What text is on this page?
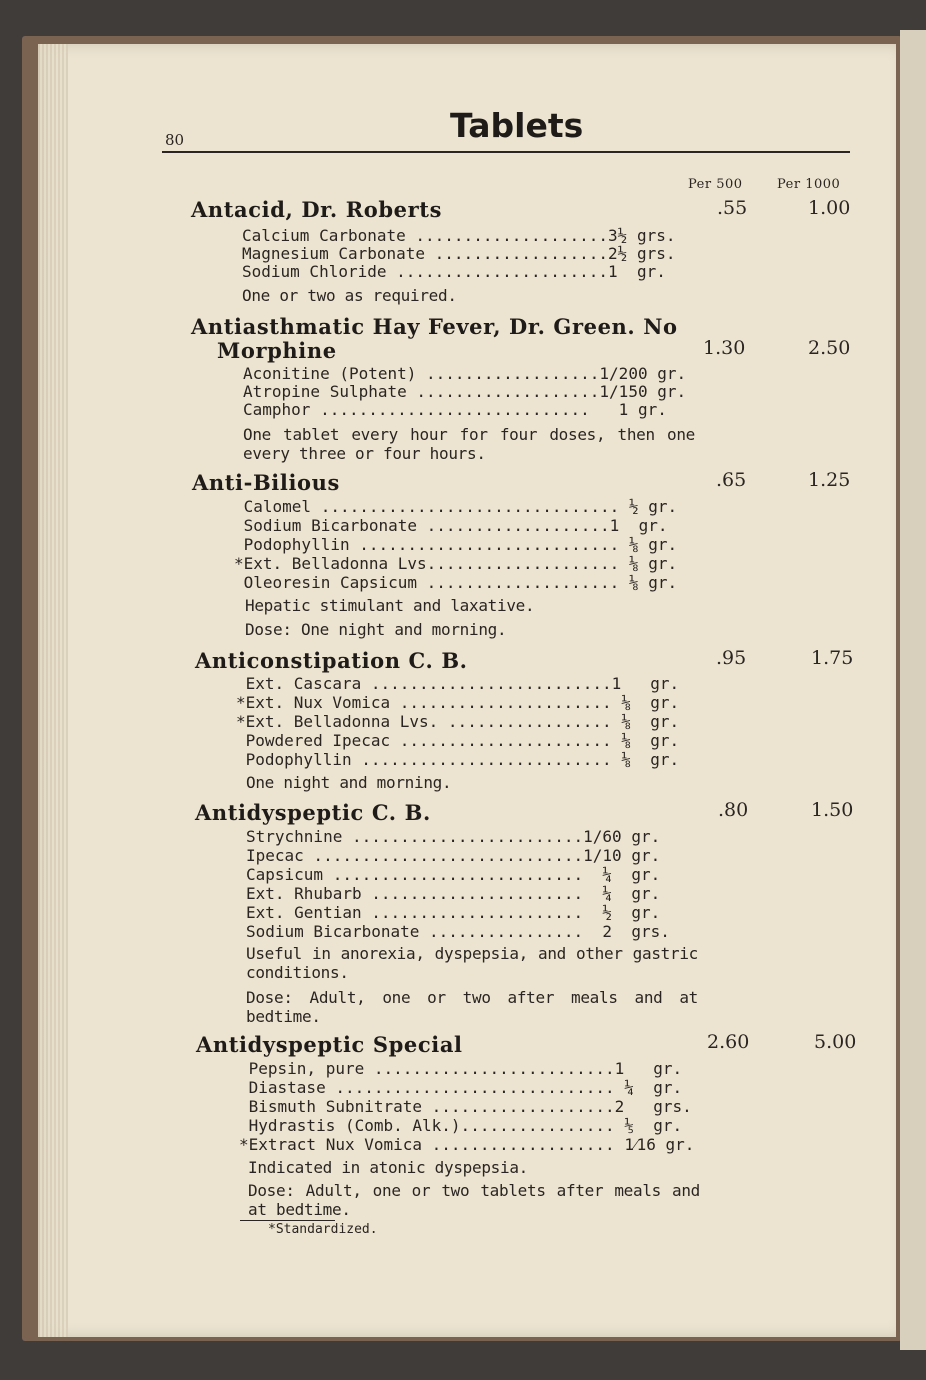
80	Tablets
Per 500	Per 1000
Antacid, Dr. Roberts	.55	1.00
Calcium Carbonate ....................3½ grs.
Magnesium Carbonate ..................2½ grs.
Sodium Chloride ......................1  gr.
One or two as required.
Antiasthmatic Hay Fever, Dr. Green. No
Morphine	1.30	2.50
Aconitine (Potent) ..................1/200 gr.
Atropine Sulphate ...................1/150 gr.
Camphor ............................   1 gr.
One tablet every hour for four doses, then one every three or four hours.
Anti-Bilious	.65	1.25
Calomel ............................... ½ gr.
Sodium Bicarbonate ...................1  gr.
Podophyllin ........................... ⅛ gr.
*Ext. Belladonna Lvs.................... ⅛ gr.
Oleoresin Capsicum .................... ⅛ gr.
Hepatic stimulant and laxative.
Dose: One night and morning.
Anticonstipation C. B.	.95	1.75
Ext. Cascara .........................1   gr.
*Ext. Nux Vomica ...................... ⅛  gr.
*Ext. Belladonna Lvs. ................. ⅛  gr.
Powdered Ipecac ...................... ⅛  gr.
Podophyllin .......................... ⅛  gr.
One night and morning.
Antidyspeptic C. B.	.80	1.50
Strychnine ........................1/60 gr.
Ipecac ............................1/10 gr.
Capsicum ..........................  ¼  gr.
Ext. Rhubarb ......................  ¼  gr.
Ext. Gentian ......................  ½  gr.
Sodium Bicarbonate ................  2  grs.
Useful in anorexia, dyspepsia, and other gastric conditions.
Dose: Adult, one or two after meals and at bedtime.
Antidyspeptic Special	2.60	5.00
Pepsin, pure .........................1   gr.
Diastase ............................. ¼  gr.
Bismuth Subnitrate ...................2   grs.
Hydrastis (Comb. Alk.)................ ⅕  gr.
*Extract Nux Vomica ................... 1⁄16 gr.
Indicated in atonic dyspepsia.
Dose: Adult, one or two tablets after meals and at bedtime.
*Standardized.
